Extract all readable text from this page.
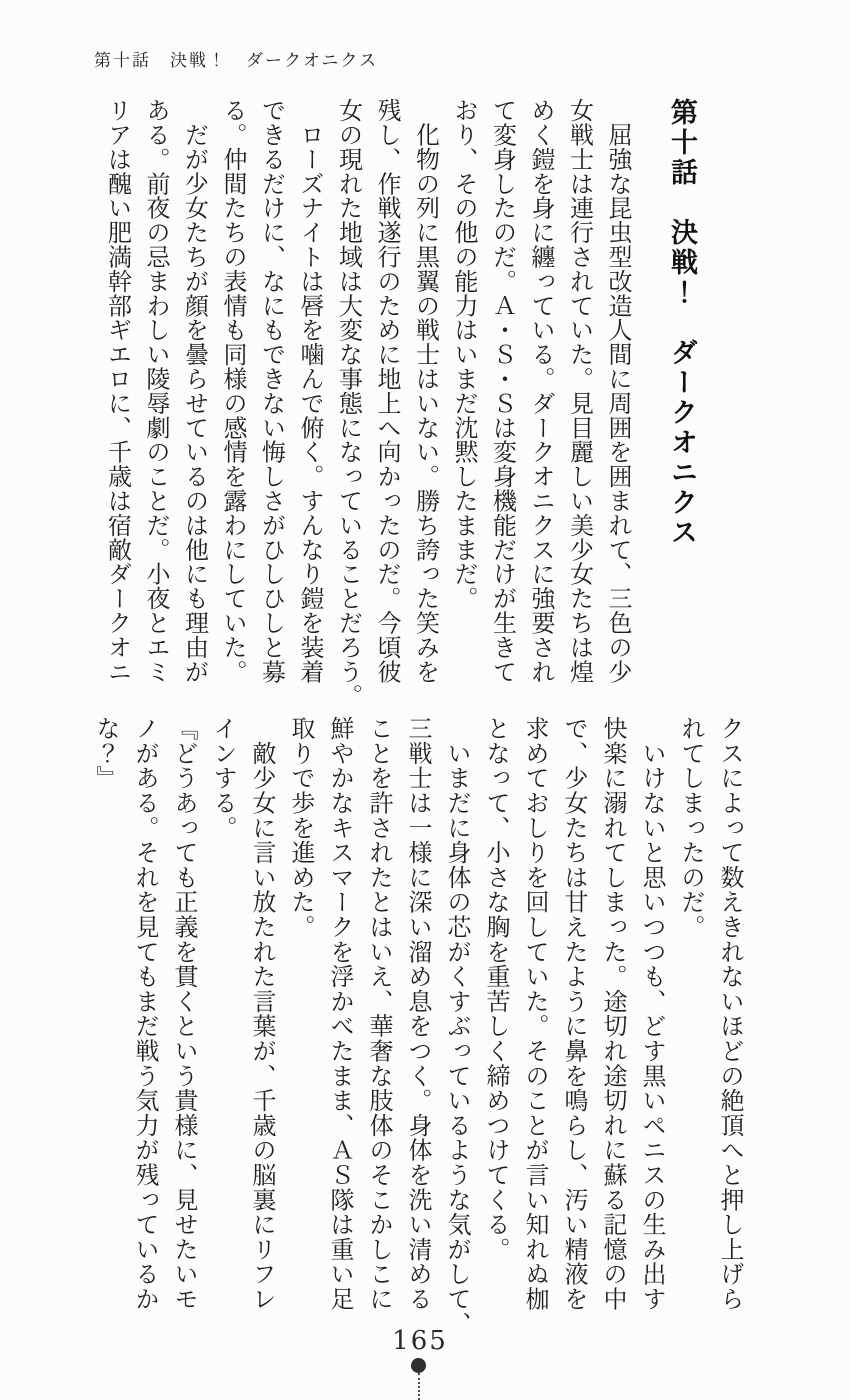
第十話　決戦！　ダークオニクス
第十話　決戦！　ダークオニクス

　屈強な昆虫型改造人間に周囲を囲まれて、三色の少

女戦士は連行されていた。見目麗しい美少女たちは煌

めく鎧を身に纏っている。ダークオニクスに強要され

て変身したのだ。Ａ・Ｓ・Ｓは変身機能だけが生きて

おり、その他の能力はいまだ沈黙したままだ。

　化物の列に黒翼の戦士はいない。勝ち誇った笑みを

残し、作戦遂行のために地上へ向かったのだ。今頃彼

女の現れた地域は大変な事態になっていることだろう。

　ローズナイトは唇を噛んで俯く。すんなり鎧を装着

できるだけに、なにもできない悔しさがひしひしと募

る。仲間たちの表情も同様の感情を露わにしていた。

　だが少女たちが顔を曇らせているのは他にも理由が

ある。前夜の忌まわしい陵辱劇のことだ。小夜とエミ

リアは醜い肥満幹部ギエロに、千歳は宿敵ダークオニ

クスによって数えきれないほどの絶頂へと押し上げら

れてしまったのだ。

　いけないと思いつつも、どす黒いペニスの生み出す

快楽に溺れてしまった。途切れ途切れに蘇る記憶の中

で、少女たちは甘えたように鼻を鳴らし、汚い精液を

求めておしりを回していた。そのことが言い知れぬ枷

となって、小さな胸を重苦しく締めつけてくる。

　いまだに身体の芯がくすぶっているような気がして、

三戦士は一様に深い溜め息をつく。身体を洗い清める

ことを許されたとはいえ、華奢な肢体のそこかしこに

鮮やかなキスマークを浮かべたまま、ＡＳ隊は重い足

取りで歩を進めた。

　敵少女に言い放たれた言葉が、千歳の脳裏にリフレ

インする。

『どうあっても正義を貫くという貴様に、見せたいモ

ノがある。それを見てもまだ戦う気力が残っているか

な？』

165
